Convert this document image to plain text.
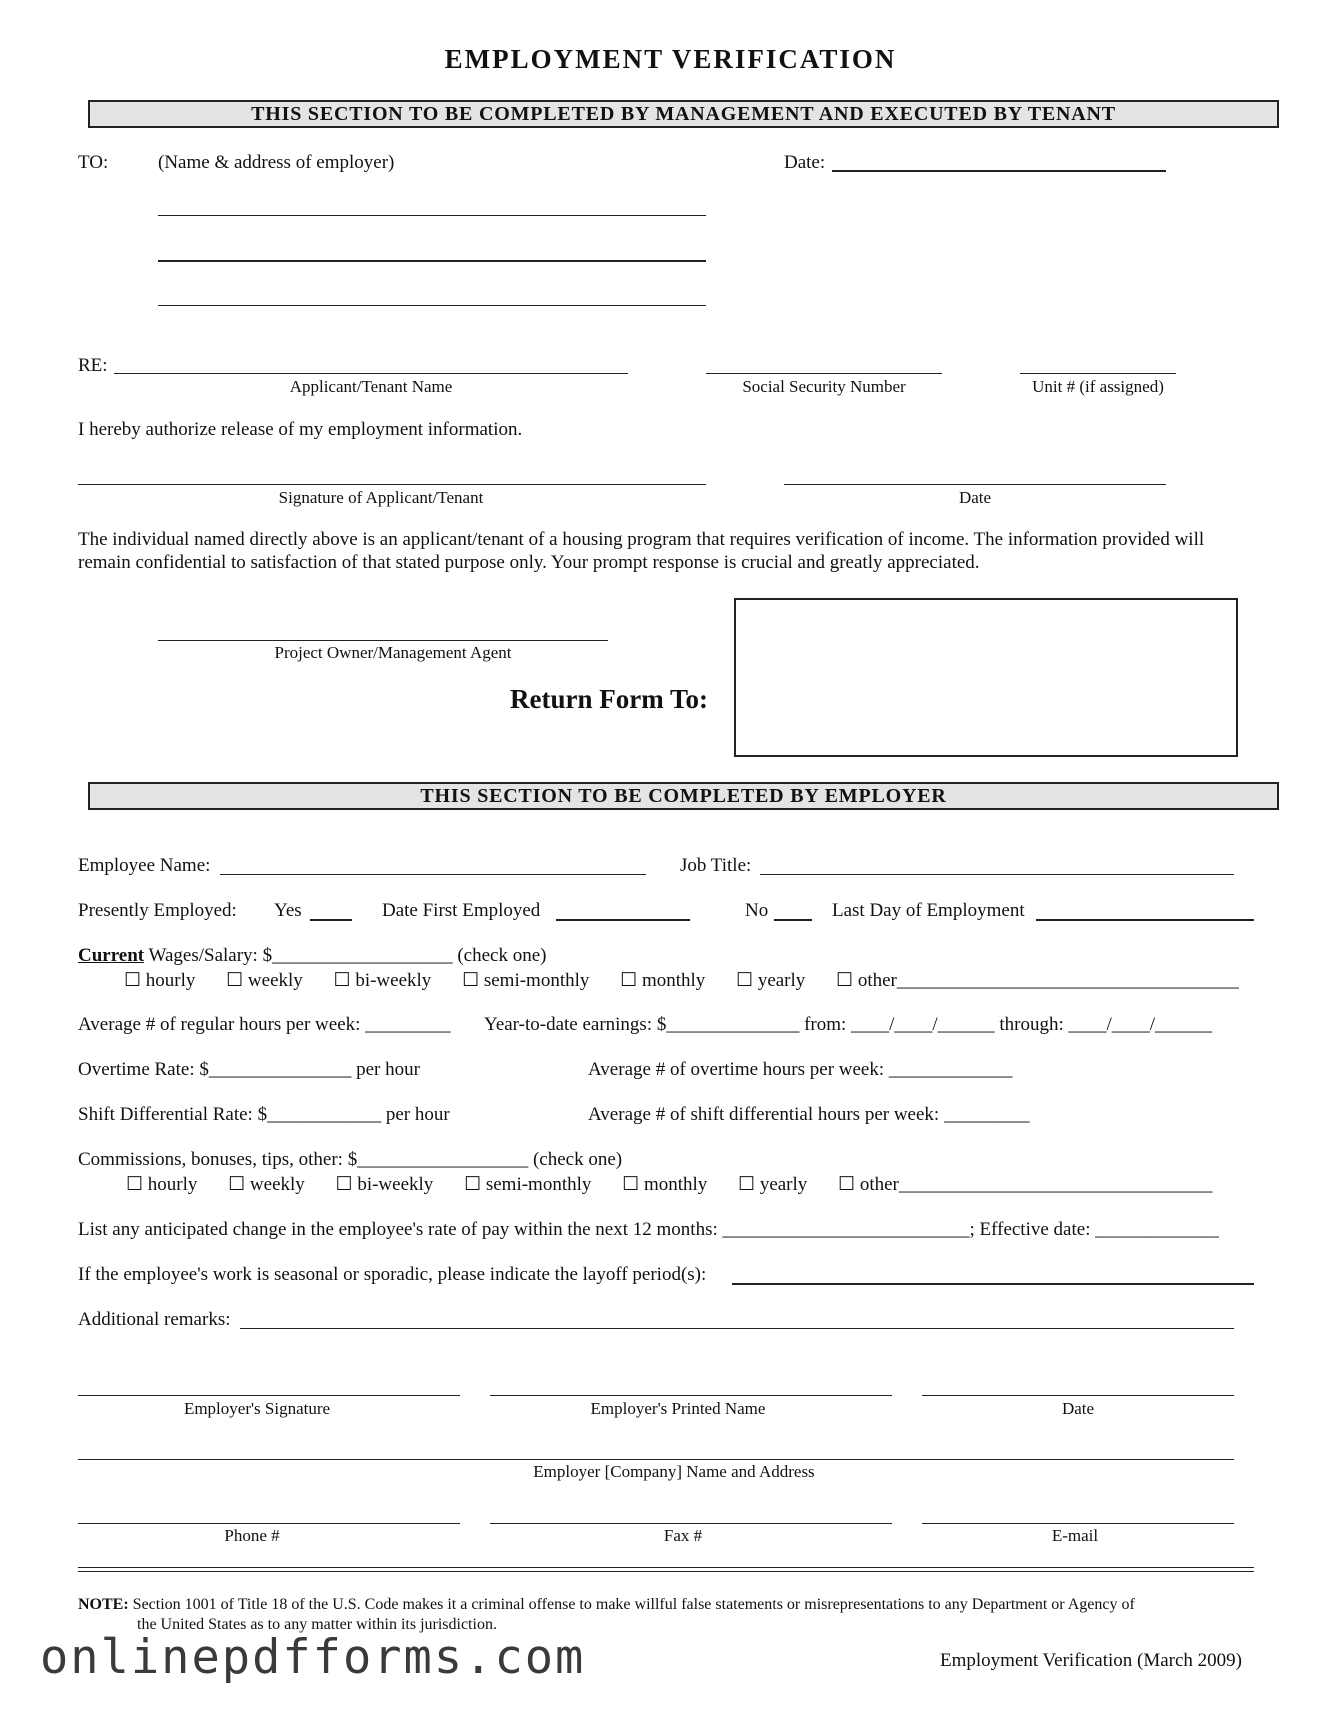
EMPLOYMENT VERIFICATION
THIS SECTION TO BE COMPLETED BY MANAGEMENT AND EXECUTED BY TENANT
TO:	(Name & address of employer)	Date:
RE:
Applicant/Tenant Name	Social Security Number	Unit # (if assigned)
I hereby authorize release of my employment information.
Signature of Applicant/Tenant	Date
The individual named directly above is an applicant/tenant of a housing program that requires verification of income. The information provided will
remain confidential to satisfaction of that stated purpose only. Your prompt response is crucial and greatly appreciated.
Project Owner/Management Agent
Return Form To:
THIS SECTION TO BE COMPLETED BY EMPLOYER
Employee Name:	Job Title:
Presently Employed: Yes	Date First Employed	No	Last Day of Employment
Current Wages/Salary: $___________________ (check one)
☐ hourly ☐ weekly ☐ bi-weekly ☐ semi-monthly ☐ monthly ☐ yearly ☐ other____________________________________
Average # of regular hours per week: _________ Year-to-date earnings: $______________ from: ____/____/______ through: ____/____/______
Overtime Rate: $_______________ per hour	Average # of overtime hours per week: _____________
Shift Differential Rate: $____________ per hour	Average # of shift differential hours per week: _________
Commissions, bonuses, tips, other: $__________________ (check one)
☐ hourly ☐ weekly ☐ bi-weekly ☐ semi-monthly ☐ monthly ☐ yearly ☐ other_________________________________
List any anticipated change in the employee's rate of pay within the next 12 months: __________________________; Effective date: _____________
If the employee's work is seasonal or sporadic, please indicate the layoff period(s):
Additional remarks:
Employer's Signature	Employer's Printed Name	Date
Employer [Company] Name and Address
Phone #	Fax #	E-mail
NOTE: Section 1001 of Title 18 of the U.S. Code makes it a criminal offense to make willful false statements or misrepresentations to any Department or Agency of
the United States as to any matter within its jurisdiction.
onlinepdfforms.com	Employment Verification (March 2009)
